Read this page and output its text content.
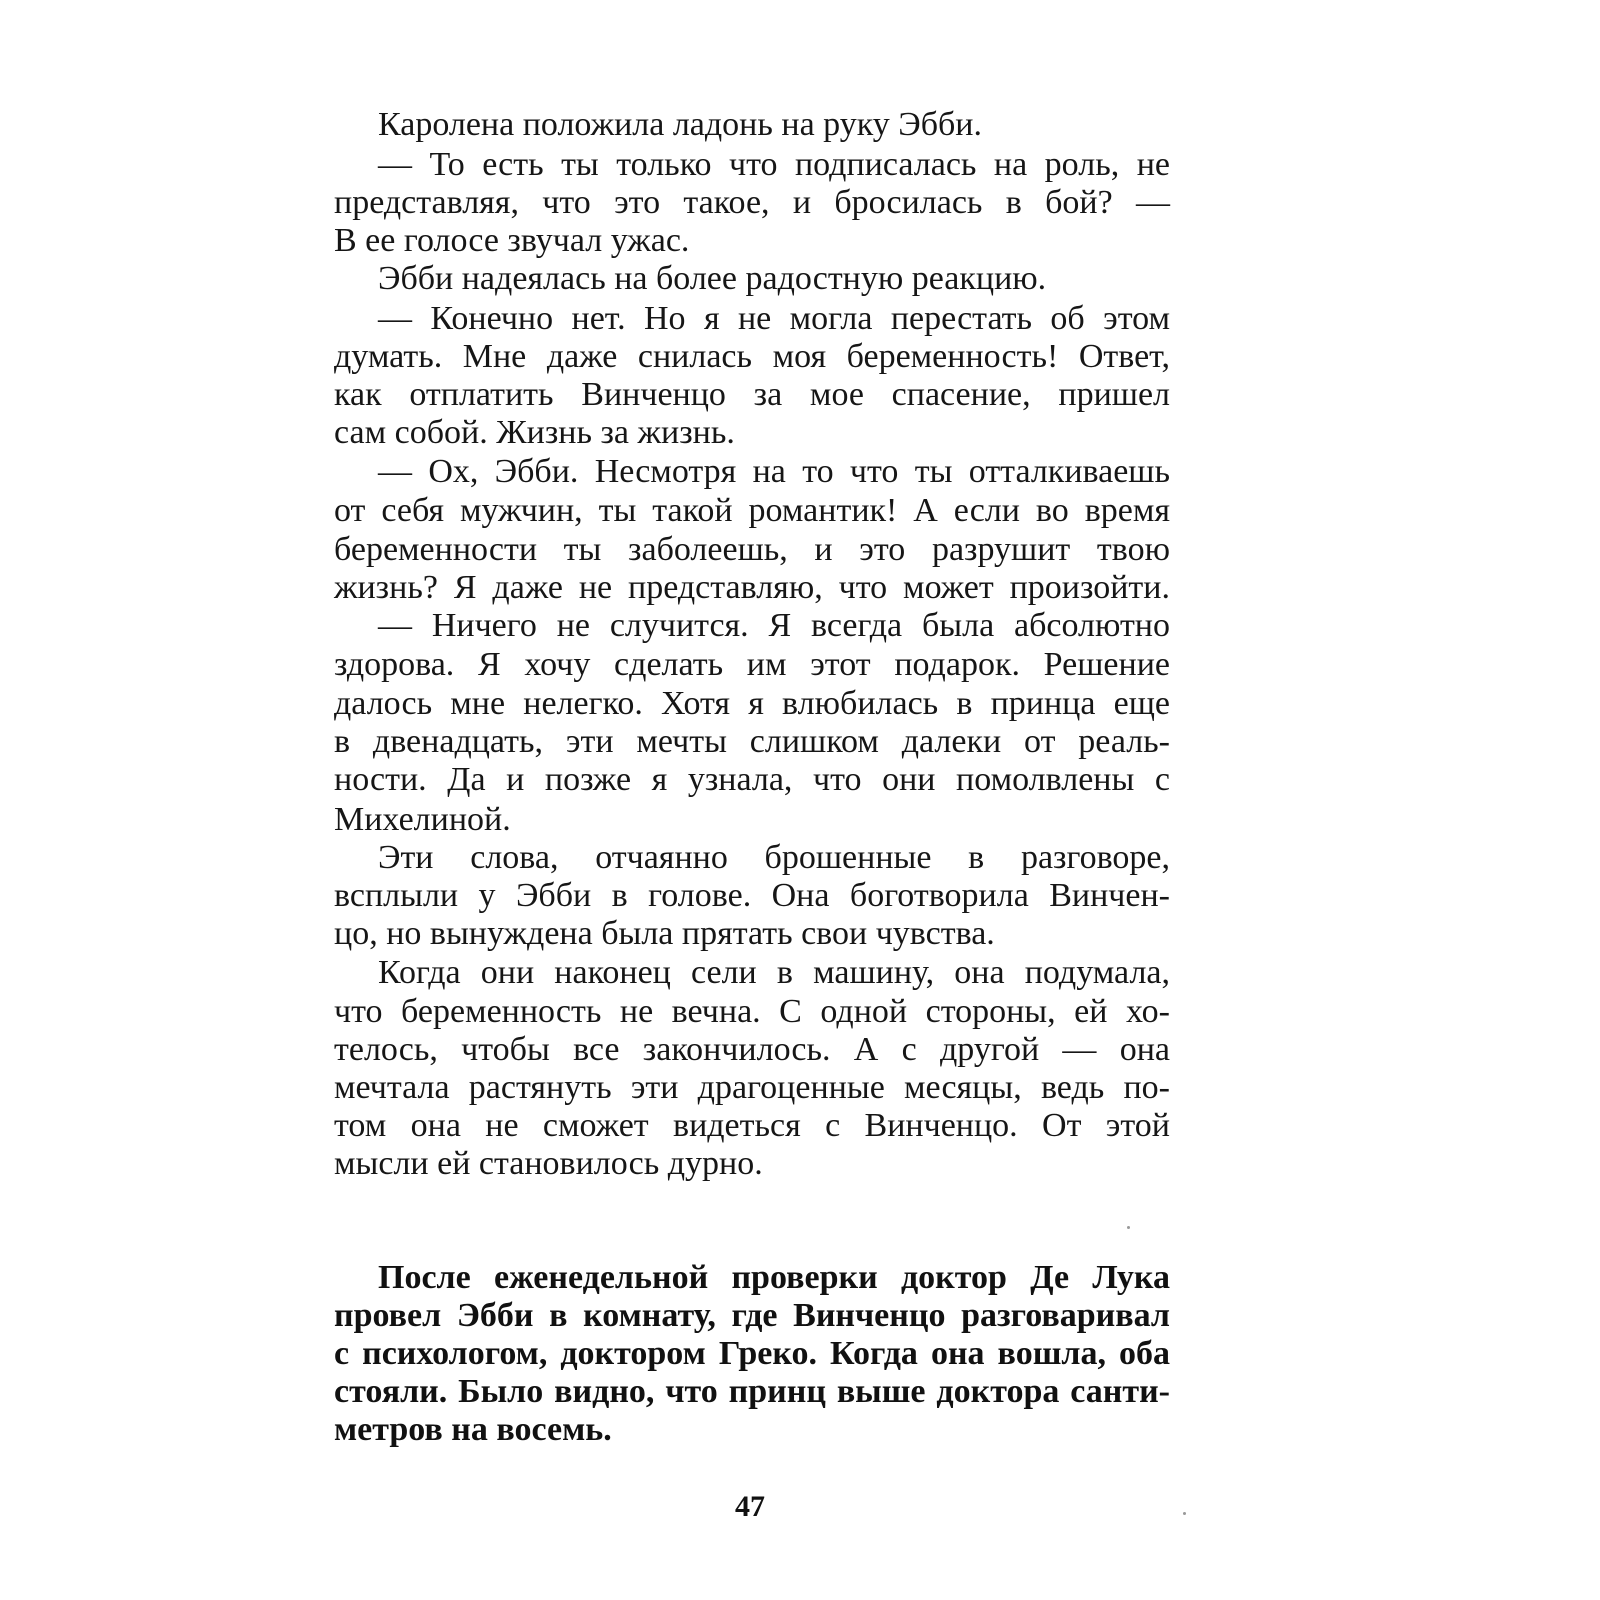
Каролена положила ладонь на руку Эбби.
— То есть ты только что подписалась на роль, не
представляя, что это такое, и бросилась в бой? —
В ее голосе звучал ужас.
Эбби надеялась на более радостную реакцию.
— Конечно нет. Но я не могла перестать об этом
думать. Мне даже снилась моя беременность! Ответ,
как отплатить Винченцо за мое спасение, пришел
сам собой. Жизнь за жизнь.
— Ох, Эбби. Несмотря на то что ты отталкиваешь
от себя мужчин, ты такой романтик! А если во время
беременности ты заболеешь, и это разрушит твою
жизнь? Я даже не представляю, что может произойти.
— Ничего не случится. Я всегда была абсолютно
здорова. Я хочу сделать им этот подарок. Решение
далось мне нелегко. Хотя я влюбилась в принца еще
в двенадцать, эти мечты слишком далеки от реаль-
ности. Да и позже я узнала, что они помолвлены с
Михелиной.
Эти слова, отчаянно брошенные в разговоре,
всплыли у Эбби в голове. Она боготворила Винчен-
цо, но вынуждена была прятать свои чувства.
Когда они наконец сели в машину, она подумала,
что беременность не вечна. С одной стороны, ей хо-
телось, чтобы все закончилось. А с другой — она
мечтала растянуть эти драгоценные месяцы, ведь по-
том она не сможет видеться с Винченцо. От этой
мысли ей становилось дурно.
После еженедельной проверки доктор Де Лука
провел Эбби в комнату, где Винченцо разговаривал
с психологом, доктором Греко. Когда она вошла, оба
стояли. Было видно, что принц выше доктора санти-
метров на восемь.
47
